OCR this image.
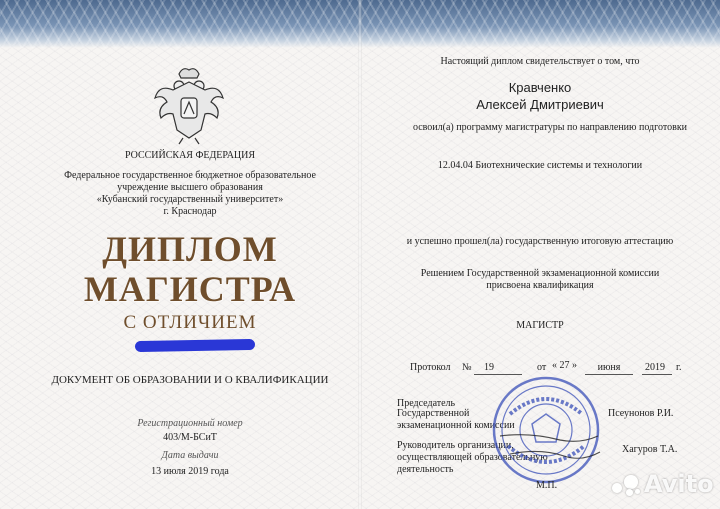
РОССИЙСКАЯ ФЕДЕРАЦИЯ
Федеральное государственное бюджетное образовательное
учреждение высшего образования
«Кубанский государственный университет»
г. Краснодар
ДИПЛОМ
МАГИСТРА
С ОТЛИЧИЕМ
ДОКУМЕНТ ОБ ОБРАЗОВАНИИ И О КВАЛИФИКАЦИИ
Регистрационный номер
403/М-БСиТ
Дата выдачи
13 июля 2019 года
Настоящий диплом свидетельствует о том, что
Кравченко
Алексей Дмитриевич
освоил(а) программу магистратуры по направлению подготовки
12.04.04 Биотехнические системы и технологии
и успешно прошел(ла) государственную итоговую аттестацию
Решением Государственной экзаменационной комиссии
присвоена квалификация
МАГИСТР
Протокол №	19	от « 27 »	июня	2019 г.
Председатель
Государственной
экзаменационной комиссии
Псеунонов Р.И.
Руководитель организации,
осуществляющей образовательную
деятельность
Хагуров Т.А.
М.П.	Avito
